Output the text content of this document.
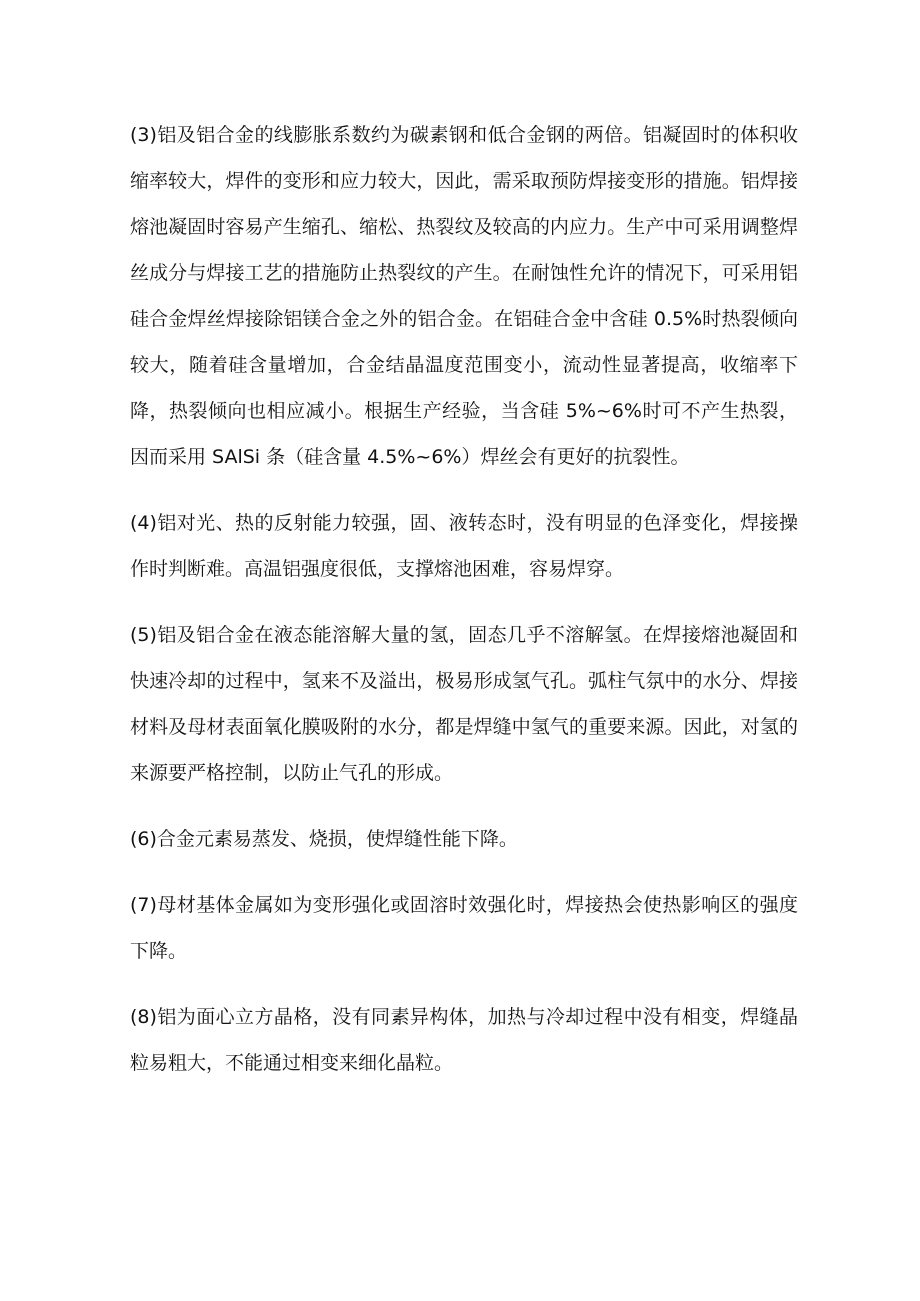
(3)铝及铝合金的线膨胀系数约为碳素钢和低合金钢的两倍。铝凝固时的体积收缩率较大，焊件的变形和应力较大，因此，需采取预防焊接变形的措施。铝焊接熔池凝固时容易产生缩孔、缩松、热裂纹及较高的内应力。生产中可采用调整焊丝成分与焊接工艺的措施防止热裂纹的产生。在耐蚀性允许的情况下，可采用铝硅合金焊丝焊接除铝镁合金之外的铝合金。在铝硅合金中含硅 0.5%时热裂倾向较大，随着硅含量增加，合金结晶温度范围变小，流动性显著提高，收缩率下降，热裂倾向也相应减小。根据生产经验，当含硅 5%~6%时可不产生热裂，因而采用 SAlSi 条（硅含量 4.5%~6%）焊丝会有更好的抗裂性。

(4)铝对光、热的反射能力较强，固、液转态时，没有明显的色泽变化，焊接操作时判断难。高温铝强度很低，支撑熔池困难，容易焊穿。

(5)铝及铝合金在液态能溶解大量的氢，固态几乎不溶解氢。在焊接熔池凝固和快速冷却的过程中，氢来不及溢出，极易形成氢气孔。弧柱气氛中的水分、焊接材料及母材表面氧化膜吸附的水分，都是焊缝中氢气的重要来源。因此，对氢的来源要严格控制，以防止气孔的形成。

(6)合金元素易蒸发、烧损，使焊缝性能下降。

(7)母材基体金属如为变形强化或固溶时效强化时，焊接热会使热影响区的强度下降。

(8)铝为面心立方晶格，没有同素异构体，加热与冷却过程中没有相变，焊缝晶粒易粗大，不能通过相变来细化晶粒。
